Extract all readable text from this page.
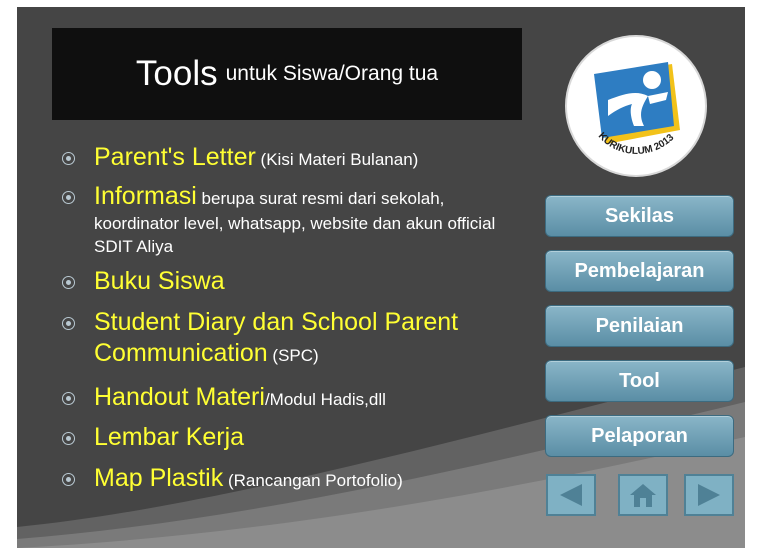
Tools untuk Siswa/Orang tua
Parent's Letter (Kisi Materi Bulanan)
Informasi berupa surat resmi dari sekolah,
koordinator level, whatsapp, website dan akun official SDIT Aliya
Buku Siswa
Student Diary dan School Parent Communication (SPC)
Handout Materi/Modul Hadis,dll
Lembar Kerja
Map Plastik (Rancangan Portofolio)
KURIKULUM 2013
Sekilas
Pembelajaran
Penilaian
Tool
Pelaporan
